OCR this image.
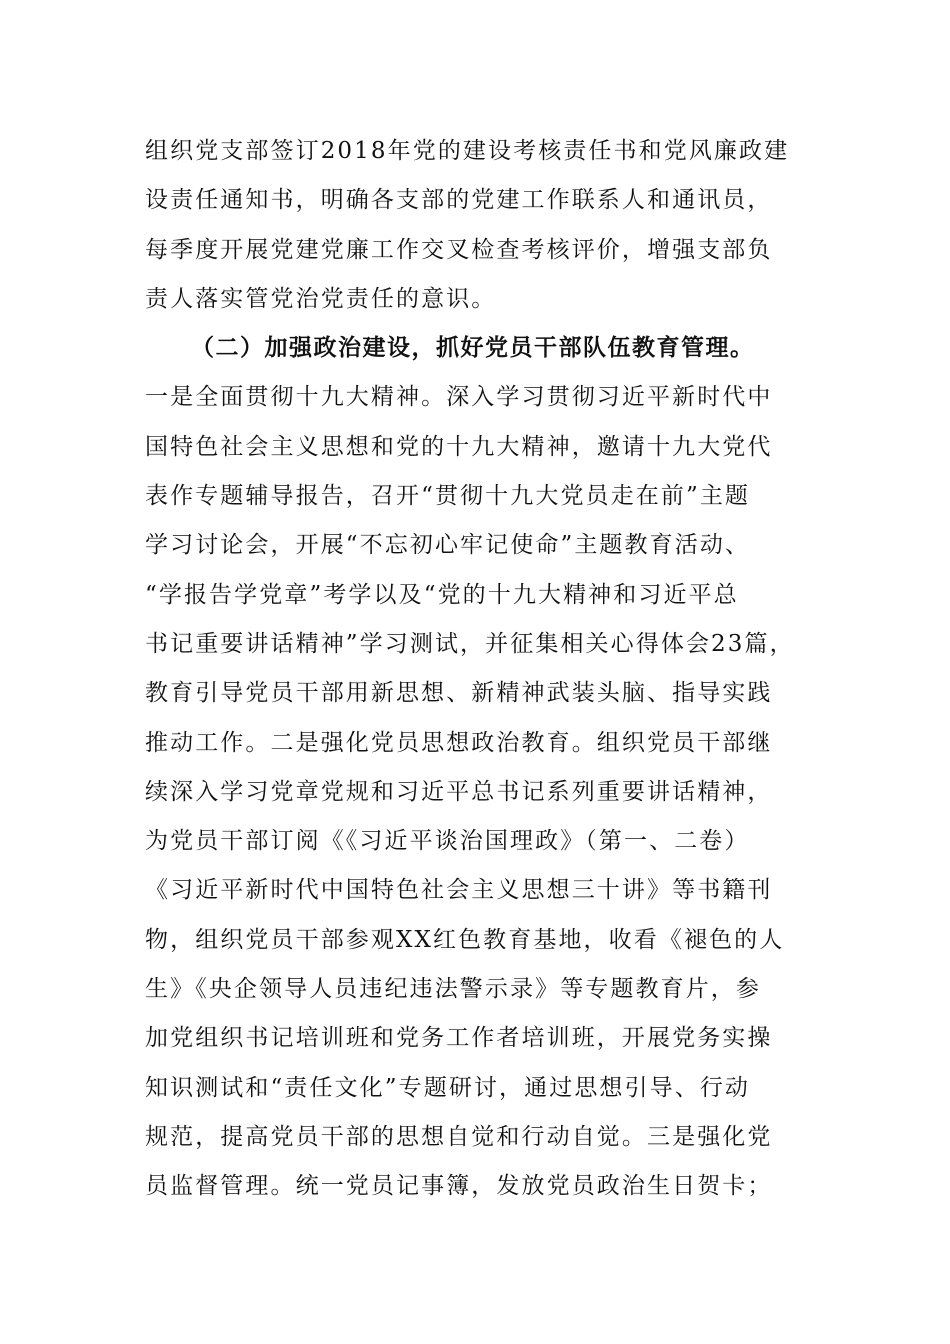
组织党支部签订2018年党的建设考核责任书和党风廉政建
设责任通知书，明确各支部的党建工作联系人和通讯员，
每季度开展党建党廉工作交叉检查考核评价，增强支部负
责人落实管党治党责任的意识。
（二）加强政治建设，抓好党员干部队伍教育管理。
一是全面贯彻十九大精神。深入学习贯彻习近平新时代中
国特色社会主义思想和党的十九大精神，邀请十九大党代
表作专题辅导报告，召开“贯彻十九大党员走在前”主题
学习讨论会，开展“不忘初心牢记使命”主题教育活动、
“学报告学党章”考学以及“党的十九大精神和习近平总
书记重要讲话精神”学习测试，并征集相关心得体会23篇，
教育引导党员干部用新思想、新精神武装头脑、指导实践
推动工作。二是强化党员思想政治教育。组织党员干部继
续深入学习党章党规和习近平总书记系列重要讲话精神，
为党员干部订阅《《习近平谈治国理政》（第一、二卷）
《习近平新时代中国特色社会主义思想三十讲》等书籍刊
物，组织党员干部参观XX红色教育基地，收看《褪色的人
生》《央企领导人员违纪违法警示录》等专题教育片，参
加党组织书记培训班和党务工作者培训班，开展党务实操
知识测试和“责任文化”专题研讨，通过思想引导、行动
规范，提高党员干部的思想自觉和行动自觉。三是强化党
员监督管理。统一党员记事簿，发放党员政治生日贺卡；
